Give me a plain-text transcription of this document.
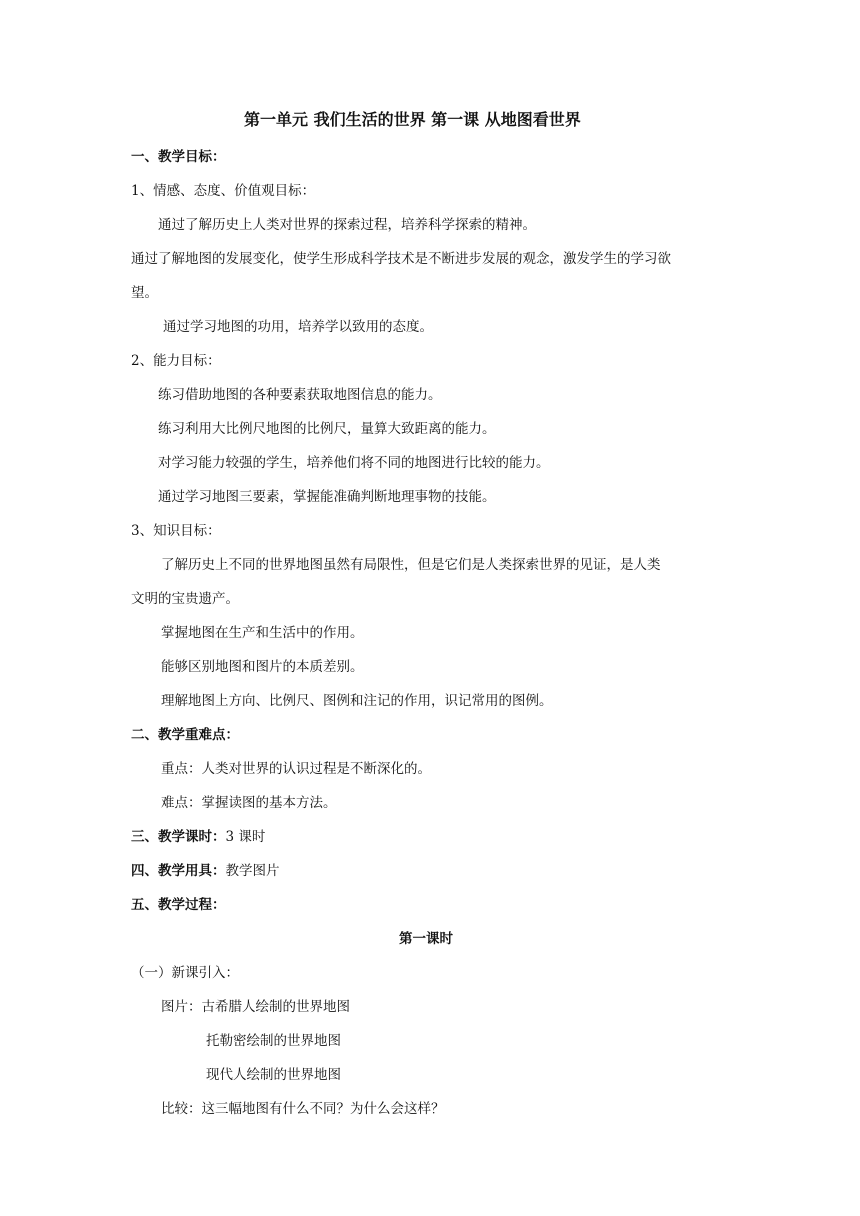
第一单元 我们生活的世界 第一课 从地图看世界
一、教学目标：
1、情感、态度、价值观目标：
通过了解历史上人类对世界的探索过程，培养科学探索的精神。
通过了解地图的发展变化，使学生形成科学技术是不断进步发展的观念，激发学生的学习欲
望。
通过学习地图的功用，培养学以致用的态度。
2、能力目标：
练习借助地图的各种要素获取地图信息的能力。
练习利用大比例尺地图的比例尺，量算大致距离的能力。
对学习能力较强的学生，培养他们将不同的地图进行比较的能力。
通过学习地图三要素，掌握能准确判断地理事物的技能。
3、知识目标：
了解历史上不同的世界地图虽然有局限性，但是它们是人类探索世界的见证，是人类
文明的宝贵遗产。
掌握地图在生产和生活中的作用。
能够区别地图和图片的本质差别。
理解地图上方向、比例尺、图例和注记的作用，识记常用的图例。
二、教学重难点：
重点：人类对世界的认识过程是不断深化的。
难点：掌握读图的基本方法。
三、教学课时：3 课时
四、教学用具：教学图片
五、教学过程：
第一课时
（一）新课引入：
图片：古希腊人绘制的世界地图
托勒密绘制的世界地图
现代人绘制的世界地图
比较：这三幅地图有什么不同？为什么会这样？
